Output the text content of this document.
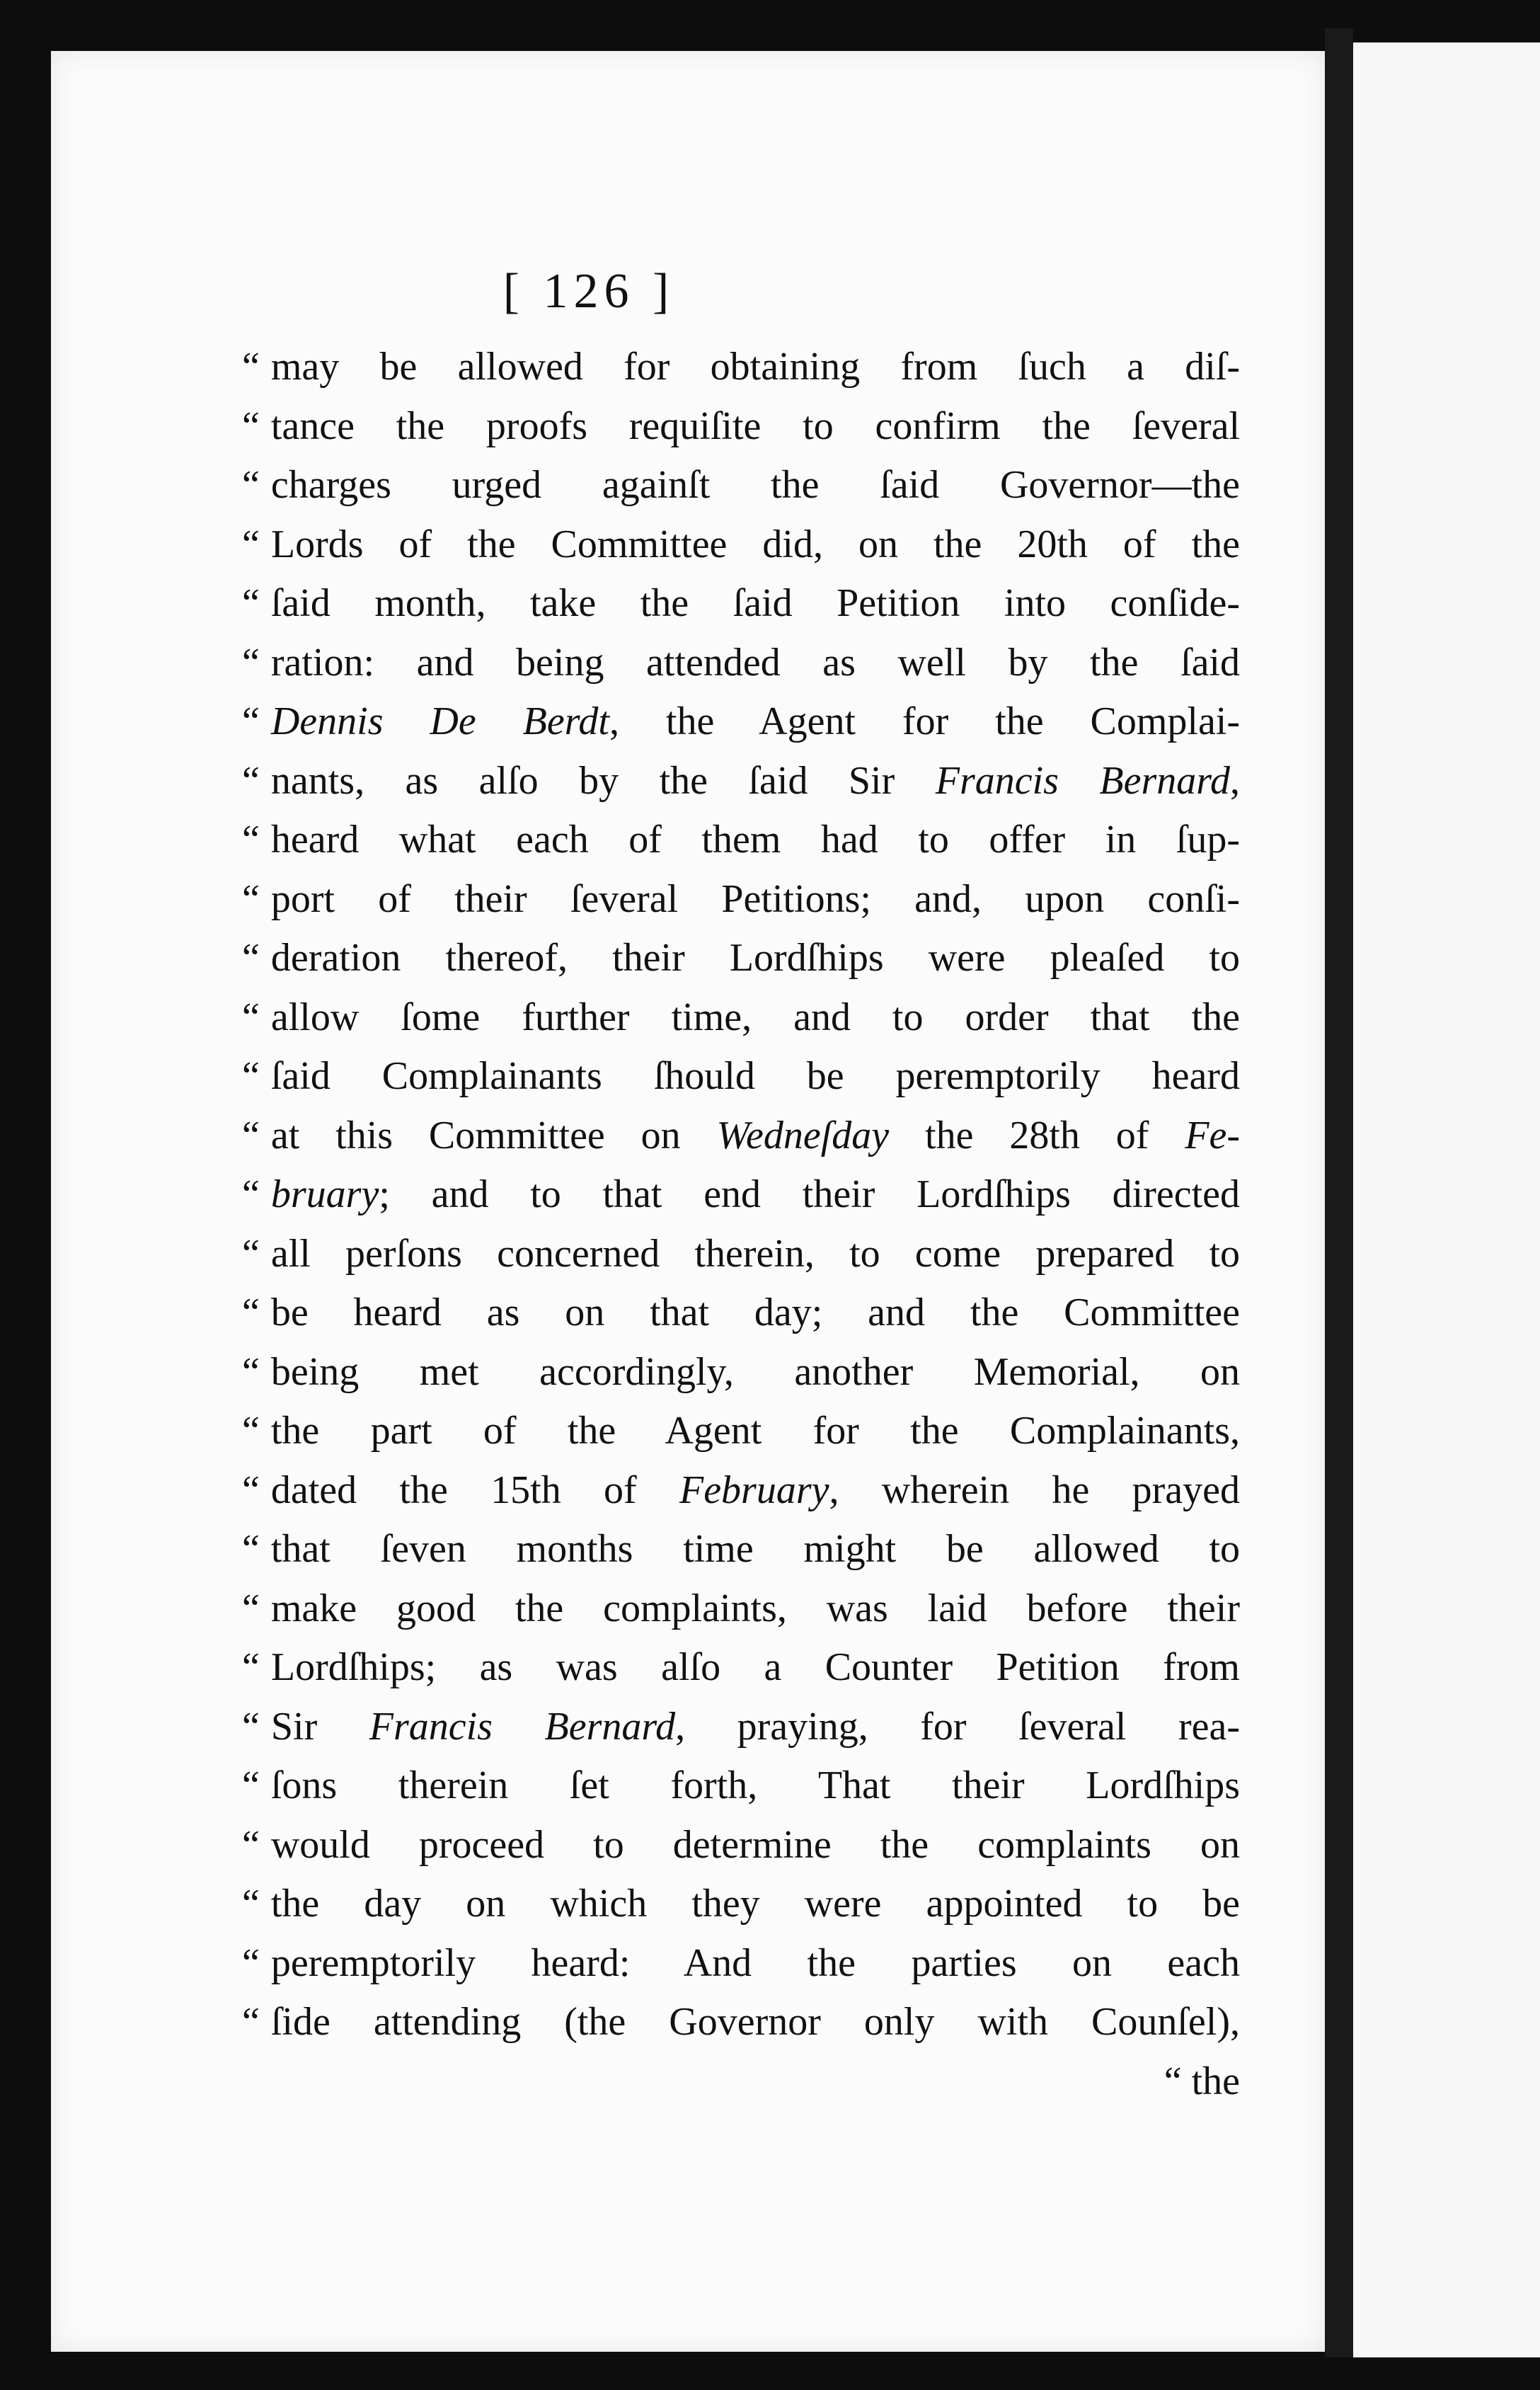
[ 126 ]
“ may be allowed for obtaining from ſuch a diſ-
“ tance the proofs requiſite to confirm the ſeveral
“ charges urged againſt the ſaid Governor—the
“ Lords of the Committee did, on the 20th of the
“ ſaid month, take the ſaid Petition into conſide-
“ ration: and being attended as well by the ſaid
“ Dennis De Berdt, the Agent for the Complai-
“ nants, as alſo by the ſaid Sir Francis Bernard,
“ heard what each of them had to offer in ſup-
“ port of their ſeveral Petitions; and, upon conſi-
“ deration thereof, their Lordſhips were pleaſed to
“ allow ſome further time, and to order that the
“ ſaid Complainants ſhould be peremptorily heard
“ at this Committee on Wedneſday the 28th of Fe-
“ bruary; and to that end their Lordſhips directed
“ all perſons concerned therein, to come prepared to
“ be heard as on that day; and the Committee
“ being met accordingly, another Memorial, on
“ the part of the Agent for the Complainants,
“ dated the 15th of February, wherein he prayed
“ that ſeven months time might be allowed to
“ make good the complaints, was laid before their
“ Lordſhips; as was alſo a Counter Petition from
“ Sir Francis Bernard, praying, for ſeveral rea-
“ ſons therein ſet forth, That their Lordſhips
“ would proceed to determine the complaints on
“ the day on which they were appointed to be
“ peremptorily heard: And the parties on each
“ ſide attending (the Governor only with Counſel),
“ the
